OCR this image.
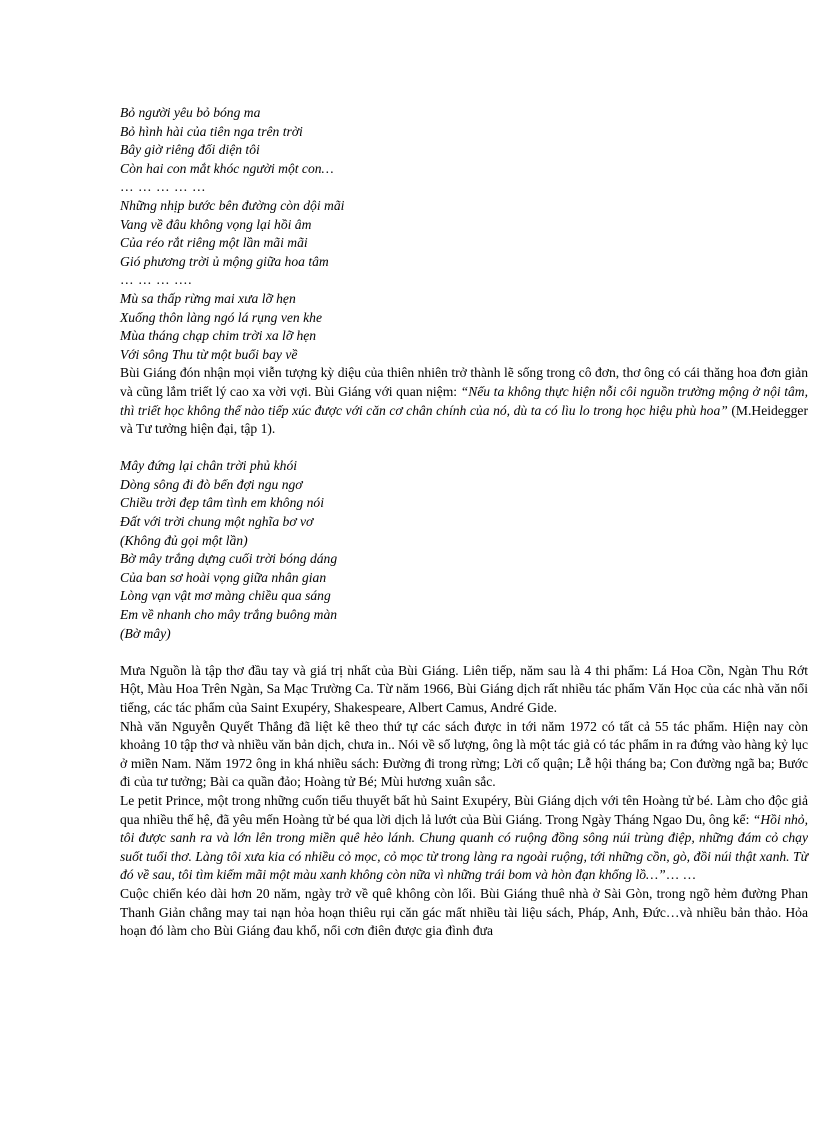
Bỏ người yêu bỏ bóng ma
Bỏ hình hài của tiên nga trên trời
Bây giờ riêng đối diện tôi
Còn hai con mắt khóc người một con…
… … … … …
Những nhịp bước bên đường còn dội mãi
Vang về đâu không vọng lại hồi âm
Của réo rắt riêng một lần mãi mãi
Gió phương trời ủ mộng giữa hoa tâm
… … … ….
Mù sa thấp rừng mai xưa lỡ hẹn
Xuống thôn làng ngó lá rụng ven khe
Mùa tháng chạp chim trời xa lỡ hẹn
Với sông Thu từ một buổi bay về

Bùi Giáng đón nhận mọi viễn tượng kỳ diệu của thiên nhiên trở thành lẽ sống trong cô đơn, thơ ông có cái thăng hoa đơn giản và cũng lắm triết lý cao xa vời vợi. Bùi Giáng với quan niệm: “Nếu ta không thực hiện nỗi côi nguồn trường mộng ở nội tâm, thì triết học không thể nào tiếp xúc được với căn cơ chân chính của nó, dù ta có lìu lo trong học hiệu phù hoa” (M.Heidegger và Tư tưởng hiện đại, tập 1).

Mây đứng lại chân trời phủ khói
Dòng sông đi đò bến đợi ngu ngơ
Chiều trời đẹp tâm tình em không nói
Đất với trời chung một nghĩa bơ vơ
(Không đủ gọi một lần)
Bờ mây trắng dựng cuối trời bóng dáng
Của ban sơ hoài vọng giữa nhân gian
Lòng vạn vật mơ màng chiều qua sáng
Em về nhanh cho mây trắng buông màn
(Bờ mây)

Mưa Nguồn là tập thơ đầu tay và giá trị nhất của Bùi Giáng. Liên tiếp, năm sau là 4 thi phẩm: Lá Hoa Cồn, Ngàn Thu Rớt Hột, Màu Hoa Trên Ngàn, Sa Mạc Trường Ca. Từ năm 1966, Bùi Giáng dịch rất nhiều tác phẩm Văn Học của các nhà văn nổi tiếng, các tác phẩm của Saint Exupéry, Shakespeare, Albert Camus, André Gide.

Nhà văn Nguyễn Quyết Thắng đã liệt kê theo thứ tự các sách được in tới năm 1972 có tất cả 55 tác phẩm. Hiện nay còn khoảng 10 tập thơ và nhiều văn bản dịch, chưa in.. Nói về số lượng, ông là một tác giả có tác phẩm in ra đứng vào hàng kỷ lục ở miền Nam. Năm 1972 ông in khá nhiều sách: Đường đi trong rừng; Lời cố quận; Lễ hội tháng ba; Con đường ngã ba; Bước đi của tư tưởng; Bài ca quần đảo; Hoàng tử Bé; Mùi hương xuân sắc.

Le petit Prince, một trong những cuốn tiểu thuyết bất hủ Saint Exupéry, Bùi Giáng dịch với tên Hoàng tử bé. Làm cho độc giả qua nhiều thế hệ, đã yêu mến Hoàng tử bé qua lời dịch lả lướt của Bùi Giáng. Trong Ngày Tháng Ngao Du, ông kể: “Hồi nhỏ, tôi được sanh ra và lớn lên trong miền quê hẻo lánh. Chung quanh có ruộng đồng sông núi trùng điệp, những đám cỏ chạy suốt tuổi thơ. Làng tôi xưa kia có nhiều cỏ mọc, cỏ mọc từ trong làng ra ngoài ruộng, tới những cồn, gò, đồi núi thật xanh. Từ đó về sau, tôi tìm kiếm mãi một màu xanh không còn nữa vì những trái bom và hòn đạn khổng lồ…”… …

Cuộc chiến kéo dài hơn 20 năm, ngày trở về quê không còn lối. Bùi Giáng thuê nhà ở Sài Gòn, trong ngõ hẻm đường Phan Thanh Giản chẳng may tai nạn hỏa hoạn thiêu rụi căn gác mất nhiều tài liệu sách, Pháp, Anh, Đức…và nhiều bản thảo. Hỏa hoạn đó làm cho Bùi Giáng đau khổ, nổi cơn điên được gia đình đưa
